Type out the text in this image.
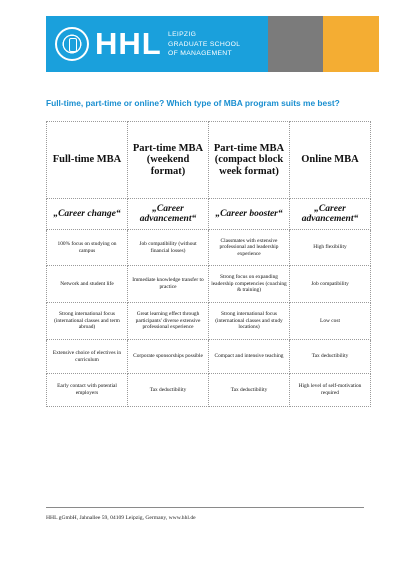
HHL LEIPZIG
GRADUATE SCHOOL
OF MANAGEMENT
Full-time, part-time or online? Which type of MBA program suits me best?
Full-time MBA	Part-time MBA (weekend format)	Part-time MBA (compact block week format)	Online MBA
„Career change“	„Career advancement“	„Career booster“	„Career advancement“
100% focus on studying on campus	Job compatibility (without financial losses)	Classmates with extensive professional and leadership experience	High flexibility
Network and student life	Immediate knowledge transfer to practice	Strong focus on expanding leadership competencies (coaching & training)	Job compatibility
Strong international focus (international classes and term abroad)	Great learning effect through participants' diverse extensive professional experience	Strong international focus (international classes and study locations)	Low cost
Extensive choice of electives in curriculum	Corporate sponsorships possible	Compact and intensive teaching	Tax deductibility
Early contact with potential employers	Tax deductibility	Tax deductibility	High level of self-motivation required
HHL gGmbH, Jahnallee 59, 04109 Leipzig, Germany, www.hhl.de
